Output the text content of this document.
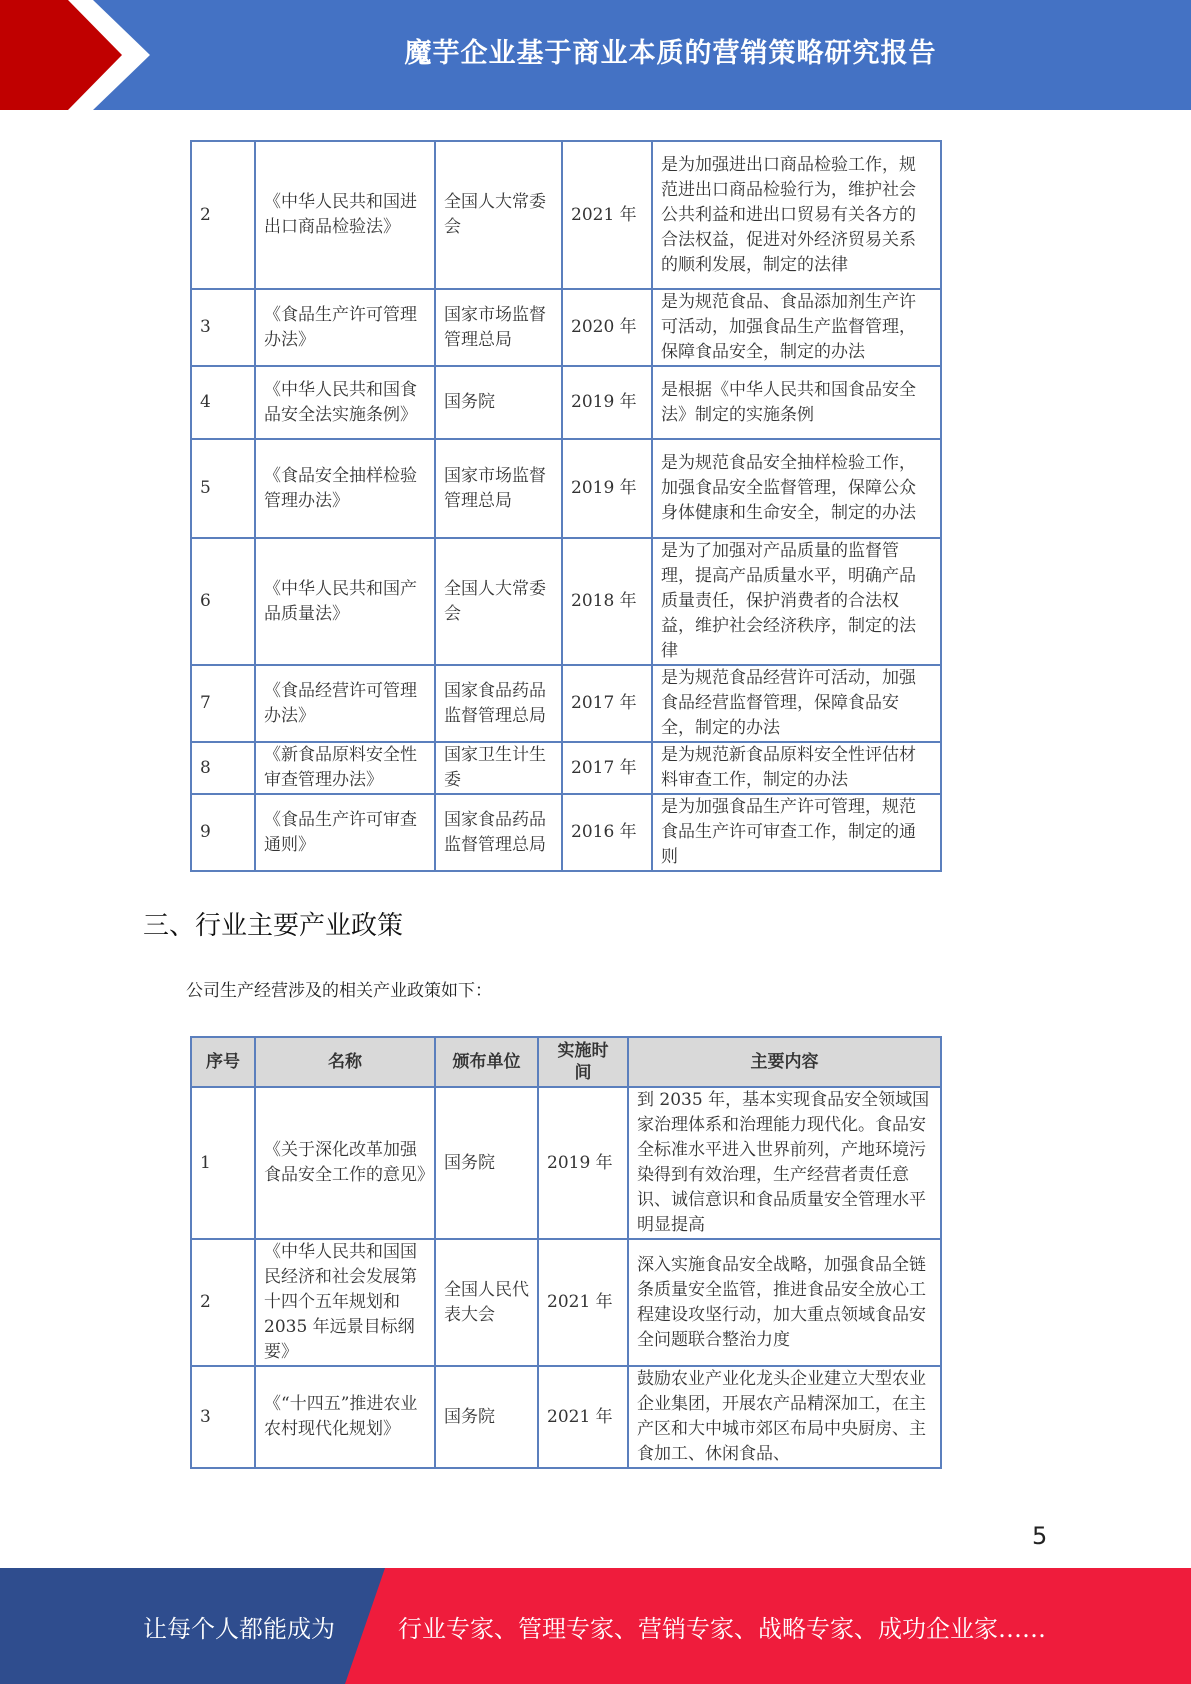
魔芋企业基于商业本质的营销策略研究报告
2	《中华人民共和国进出口商品检验法》	全国人大常委会	2021 年	是为加强进出口商品检验工作，规范进出口商品检验行为，维护社会公共利益和进出口贸易有关各方的合法权益，促进对外经济贸易关系的顺利发展，制定的法律
3	《食品生产许可管理办法》	国家市场监督管理总局	2020 年	是为规范食品、食品添加剂生产许可活动，加强食品生产监督管理，保障食品安全，制定的办法
4	《中华人民共和国食品安全法实施条例》	国务院	2019 年	是根据《中华人民共和国食品安全法》制定的实施条例
5	《食品安全抽样检验管理办法》	国家市场监督管理总局	2019 年	是为规范食品安全抽样检验工作，加强食品安全监督管理，保障公众身体健康和生命安全，制定的办法
6	《中华人民共和国产品质量法》	全国人大常委会	2018 年	是为了加强对产品质量的监督管理，提高产品质量水平，明确产品质量责任，保护消费者的合法权益，维护社会经济秩序，制定的法律
7	《食品经营许可管理办法》	国家食品药品监督管理总局	2017 年	是为规范食品经营许可活动，加强食品经营监督管理，保障食品安全，制定的办法
8	《新食品原料安全性审查管理办法》	国家卫生计生委	2017 年	是为规范新食品原料安全性评估材料审查工作，制定的办法
9	《食品生产许可审查通则》	国家食品药品监督管理总局	2016 年	是为加强食品生产许可管理，规范食品生产许可审查工作，制定的通则
三、行业主要产业政策
公司生产经营涉及的相关产业政策如下：
序号	名称	颁布单位	实施时间	主要内容
1	《关于深化改革加强食品安全工作的意见》	国务院	2019 年	到 2035 年，基本实现食品安全领域国家治理体系和治理能力现代化。食品安全标准水平进入世界前列，产地环境污染得到有效治理，生产经营者责任意识、诚信意识和食品质量安全管理水平明显提高
2	《中华人民共和国国民经济和社会发展第十四个五年规划和 2035 年远景目标纲要》	全国人民代表大会	2021 年	深入实施食品安全战略，加强食品全链条质量安全监管，推进食品安全放心工程建设攻坚行动，加大重点领域食品安全问题联合整治力度
3	《“十四五”推进农业农村现代化规划》	国务院	2021 年	鼓励农业产业化龙头企业建立大型农业企业集团，开展农产品精深加工，在主产区和大中城市郊区布局中央厨房、主食加工、休闲食品、
5
让每个人都能成为	行业专家、管理专家、营销专家、战略专家、成功企业家……
